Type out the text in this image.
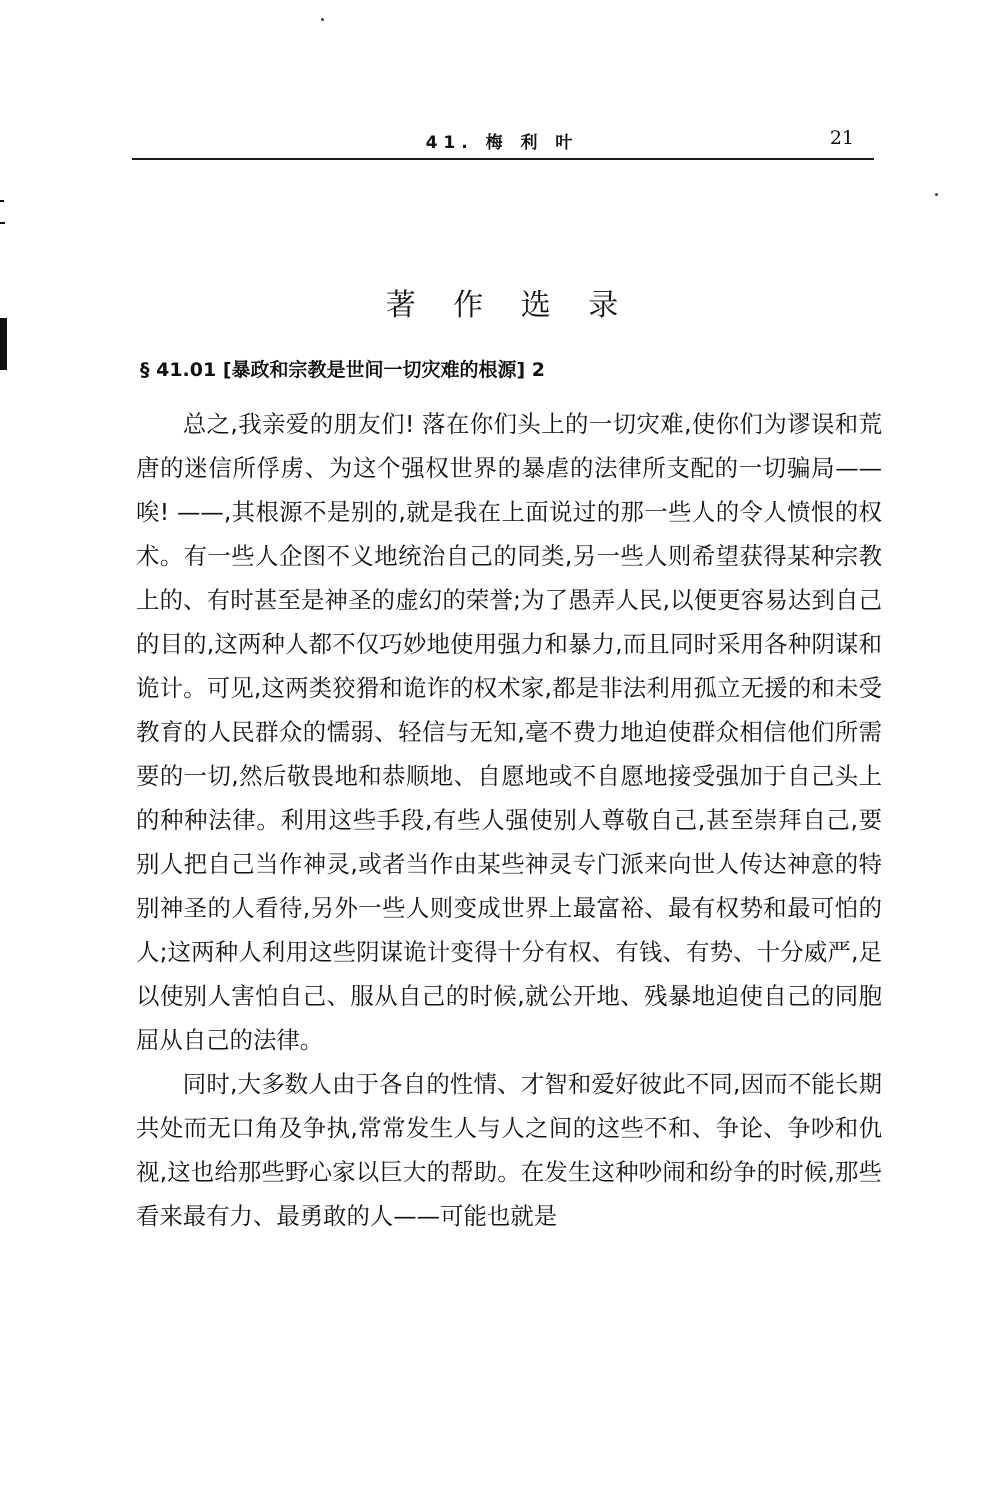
41. 梅 利 叶	21
著 作 选 录
§ 41.01 [暴政和宗教是世间一切灾难的根源] 2

总之,我亲爱的朋友们! 落在你们头上的一切灾难,使你们为谬误和荒唐的迷信所俘虏、为这个强权世界的暴虐的法律所支配的一切骗局——唉! ——,其根源不是别的,就是我在上面说过的那一些人的令人愤恨的权术。有一些人企图不义地统治自己的同类,另一些人则希望获得某种宗教上的、有时甚至是神圣的虚幻的荣誉;为了愚弄人民,以便更容易达到自己的目的,这两种人都不仅巧妙地使用强力和暴力,而且同时采用各种阴谋和诡计。可见,这两类狡猾和诡诈的权术家,都是非法利用孤立无援的和未受教育的人民群众的懦弱、轻信与无知,毫不费力地迫使群众相信他们所需要的一切,然后敬畏地和恭顺地、自愿地或不自愿地接受强加于自己头上的种种法律。利用这些手段,有些人强使别人尊敬自己,甚至崇拜自己,要别人把自己当作神灵,或者当作由某些神灵专门派来向世人传达神意的特别神圣的人看待,另外一些人则变成世界上最富裕、最有权势和最可怕的人;这两种人利用这些阴谋诡计变得十分有权、有钱、有势、十分威严,足以使别人害怕自己、服从自己的时候,就公开地、残暴地迫使自己的同胞屈从自己的法律。

同时,大多数人由于各自的性情、才智和爱好彼此不同,因而不能长期共处而无口角及争执,常常发生人与人之间的这些不和、争论、争吵和仇视,这也给那些野心家以巨大的帮助。在发生这种吵闹和纷争的时候,那些看来最有力、最勇敢的人——可能也就是
